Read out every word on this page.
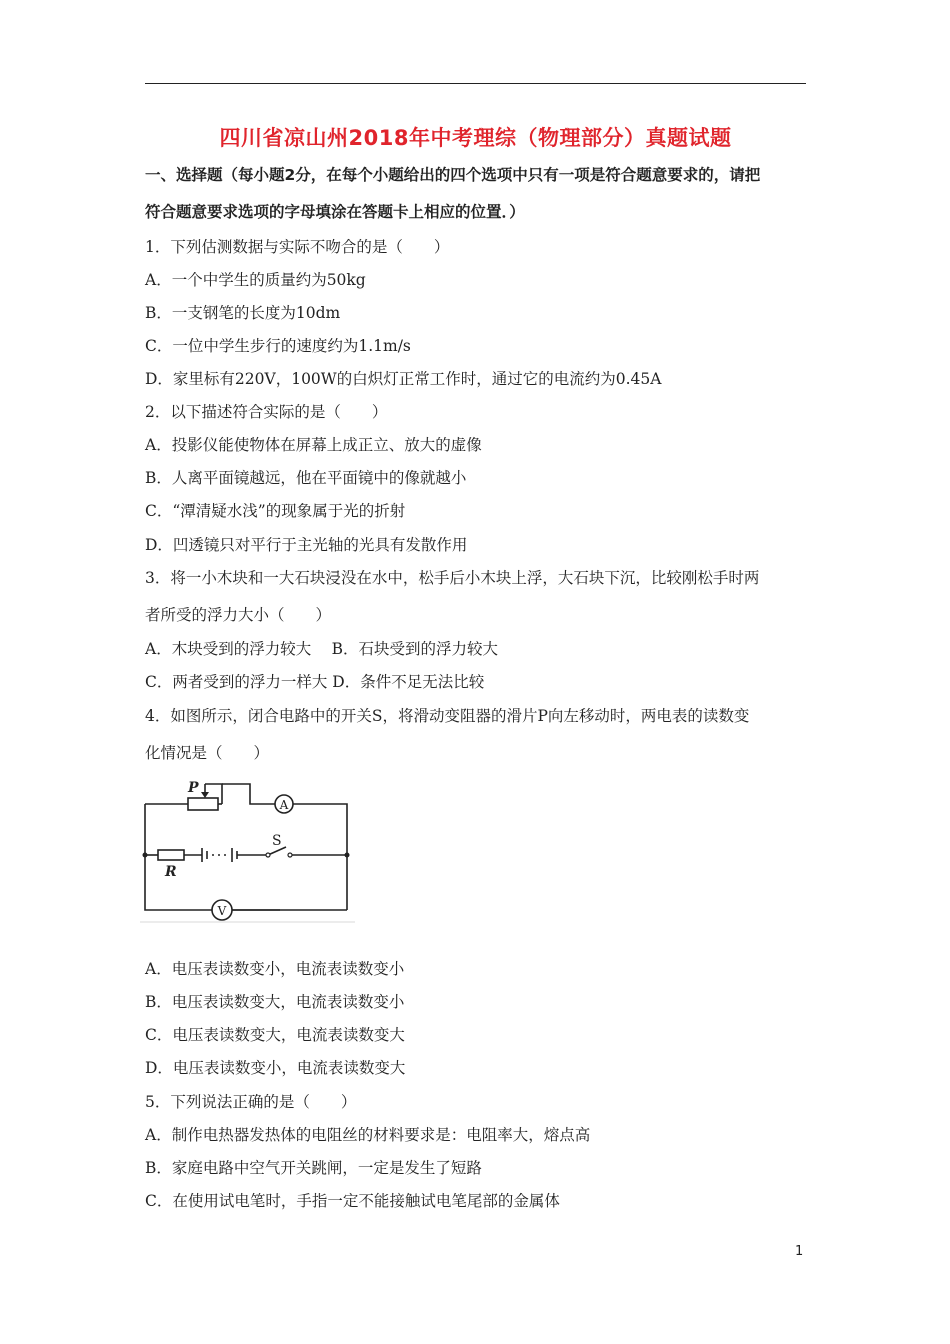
四川省凉山州2018年中考理综（物理部分）真题试题
一、选择题（每小题2分，在每个小题给出的四个选项中只有一项是符合题意要求的，请把
符合题意要求选项的字母填涂在答题卡上相应的位置．）
1．下列估测数据与实际不吻合的是（　　）
A．一个中学生的质量约为50kg
B．一支钢笔的长度为10dm
C．一位中学生步行的速度约为1.1m/s
D．家里标有220V，100W的白炽灯正常工作时，通过它的电流约为0.45A
2．以下描述符合实际的是（　　）
A．投影仪能使物体在屏幕上成正立、放大的虚像
B．人离平面镜越远，他在平面镜中的像就越小
C．“潭清疑水浅”的现象属于光的折射
D．凹透镜只对平行于主光轴的光具有发散作用
3．将一小木块和一大石块浸没在水中，松手后小木块上浮，大石块下沉，比较刚松手时两
者所受的浮力大小（　　）
A．木块受到的浮力较大　 B．石块受到的浮力较大
C．两者受到的浮力一样大 D．条件不足无法比较
4．如图所示，闭合电路中的开关S，将滑动变阻器的滑片P向左移动时，两电表的读数变
化情况是（　　）
P
A
S
R
V
A．电压表读数变小，电流表读数变小
B．电压表读数变大，电流表读数变小
C．电压表读数变大，电流表读数变大
D．电压表读数变小，电流表读数变大
5．下列说法正确的是（　　）
A．制作电热器发热体的电阻丝的材料要求是：电阻率大，熔点高
B．家庭电路中空气开关跳闸，一定是发生了短路
C．在使用试电笔时，手指一定不能接触试电笔尾部的金属体
1
